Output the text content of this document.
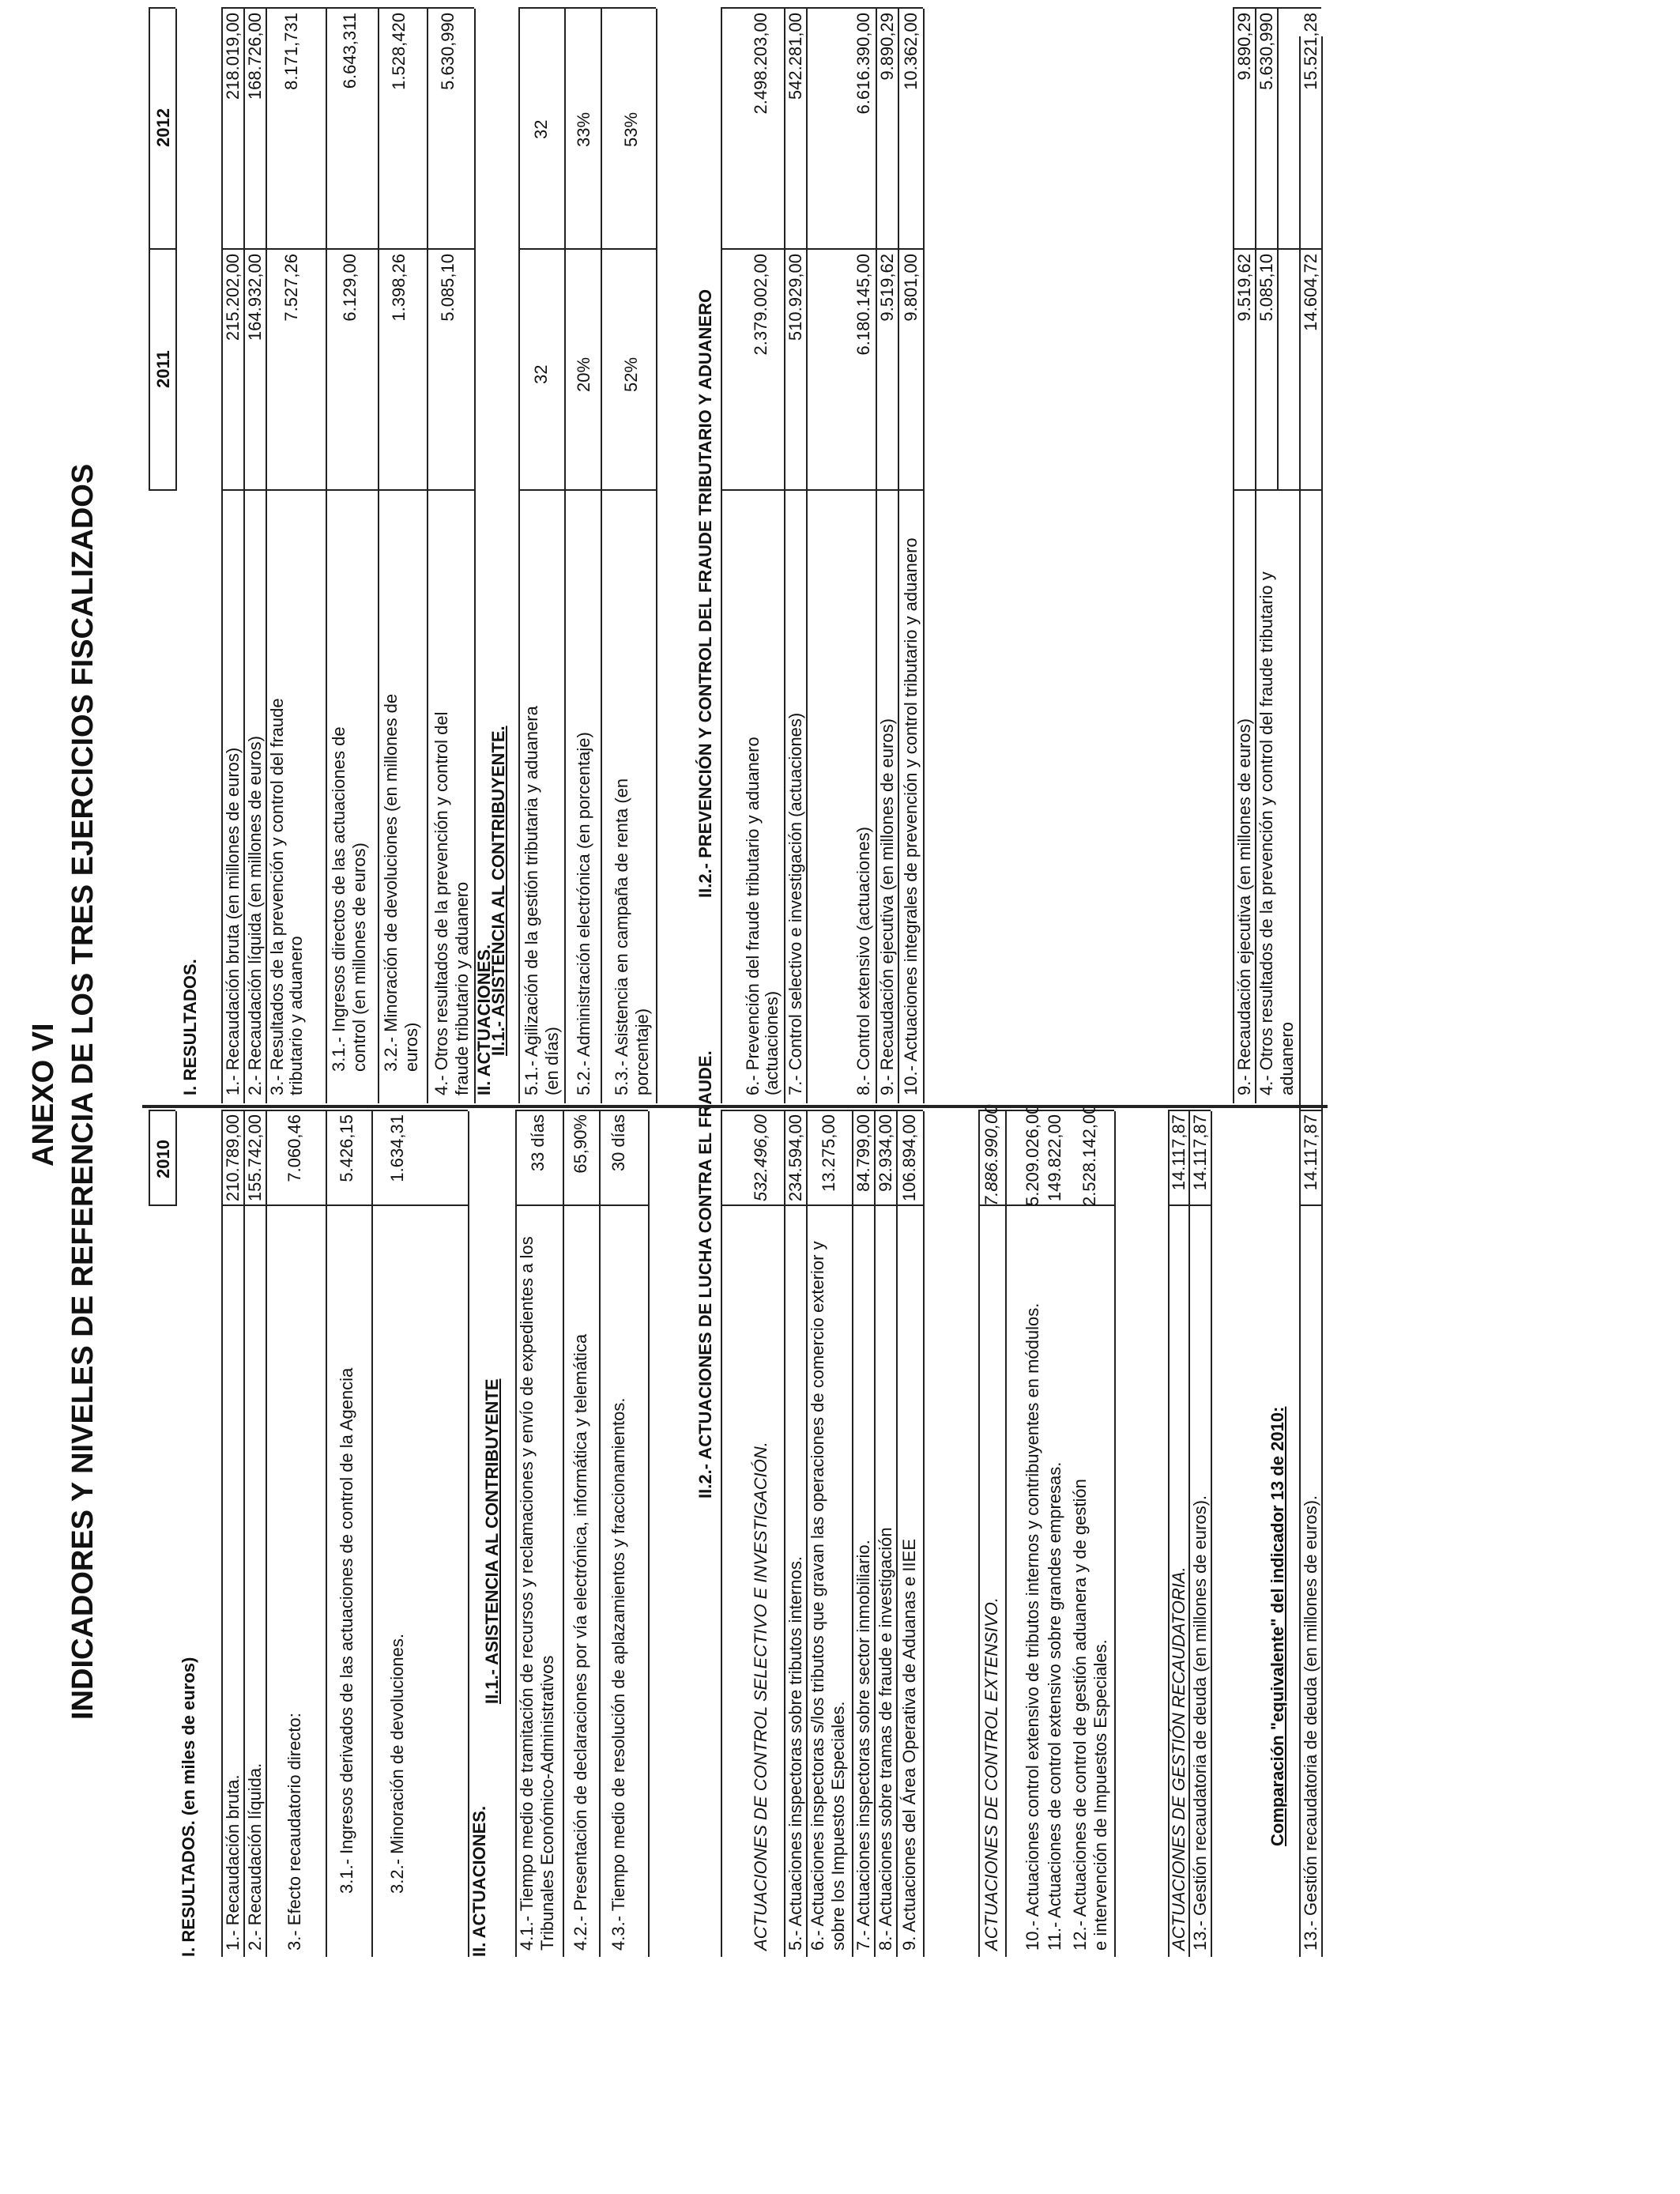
ANEXO VI INDICADORES Y NIVELES DE REFERENCIA DE LOS TRES EJERCICIOS FISCALIZADOS	2010
2011
2012
I. RESULTADOS. (en miles de euros) 1.- Recaudación bruta.
210.789,00
2.- Recaudación líquida.
155.742,00
3.- Efecto recaudatorio directo:
7.060,46
3.1.- Ingresos derivados de las actuaciones de control de la Agencia
5.426,15
3.2.- Minoración de devoluciones.
1.634,31
II. ACTUACIONES.
II.1.- ASISTENCIA AL CONTRIBUYENTE 4.1.- Tiempo medio de tramitación de recursos y reclamaciones y envío de expedientes a los Tribunales Económico-Administrativos
33 días
4.2.- Presentación de declaraciones por vía electrónica, informática y telemática
65,90%
4.3.- Tiempo medio de resolución de aplazamientos y fraccionamientos.
30 días	II.2.- ACTUACIONES DE LUCHA CONTRA EL FRAUDE.
ACTUACIONES DE CONTROL SELECTIVO E INVESTIGACIÓN.
532.496,00
5.- Actuaciones inspectoras sobre tributos internos.
234.594,00
6.- Actuaciones inspectoras s/los tributos que gravan las operaciones de comercio exterior y sobre los Impuestos Especiales.
13.275,00
7.- Actuaciones inspectoras sobre sector inmobiliario.
84.799,00
8.- Actuaciones sobre tramas de fraude e investigación
92.934,00
9. Actuaciones del Área Operativa de Aduanas e IIEE
106.894,00
ACTUACIONES DE CONTROL EXTENSIVO.
7.886.990,00
10.- Actuaciones control extensivo de tributos internos y contribuyentes en módulos.
5.209.026,00
11.- Actuaciones de control extensivo sobre grandes empresas.
149.822,00
12.- Actuaciones de control de gestión aduanera y de gestión e intervención de Impuestos Especiales.
2.528.142,00
ACTUACIONES DE GESTIÓN RECAUDATORIA.
14.117,87
13.- Gestión recaudatoria de deuda (en millones de euros).
14.117,87
Comparación "equivalente" del indicador 13 de 2010: 13.- Gestión recaudatoria de deuda (en millones de euros).
14.117,87
I. RESULTADOS. 1.- Recaudación bruta (en millones de euros)
215.202,00
218.019,00
2.- Recaudación líquida (en millones de euros)
164.932,00
168.726,00
3.- Resultados de la prevención y control del fraude tributario y aduanero
7.527,26
8.171,731
3.1.- Ingresos directos de las actuaciones de control (en millones de euros)
6.129,00
6.643,311
3.2.- Minoración de devoluciones (en millones de euros)
1.398,26
1.528,420
4.- Otros resultados de la prevención y control del fraude tributario y aduanero
5.085,10
5.630,990
II. ACTUACIONES.
II.1.- ASISTENCIA AL CONTRIBUYENTE. 5.1.- Agilización de la gestión tributaria y aduanera (en días)
32
32
5.2.- Administración electrónica (en porcentaje)
20%
33%
5.3.- Asistencia en campaña de renta (en porcentaje)
52%
53%
II.2.- PREVENCIÓN Y CONTROL DEL FRAUDE TRIBUTARIO Y ADUANERO
6.- Prevención del fraude tributario y aduanero (actuaciones)
2.379.002,00
2.498.203,00
7.- Control selectivo e investigación (actuaciones)
510.929,00
542.281,00
8.- Control extensivo (actuaciones)
6.180.145,00
6.616.390,00
9.- Recaudación ejecutiva (en millones de euros)
9.519,62
9.890,29
10.- Actuaciones integrales de prevención y control tributario y aduanero
9.801,00
10.362,00
9.- Recaudación ejecutiva (en millones de euros)
9.519,62
9.890,29
4.- Otros resultados de la prevención y control del fraude tributario y aduanero
5.085,10
5.630,990
14.604,72
15.521,28
